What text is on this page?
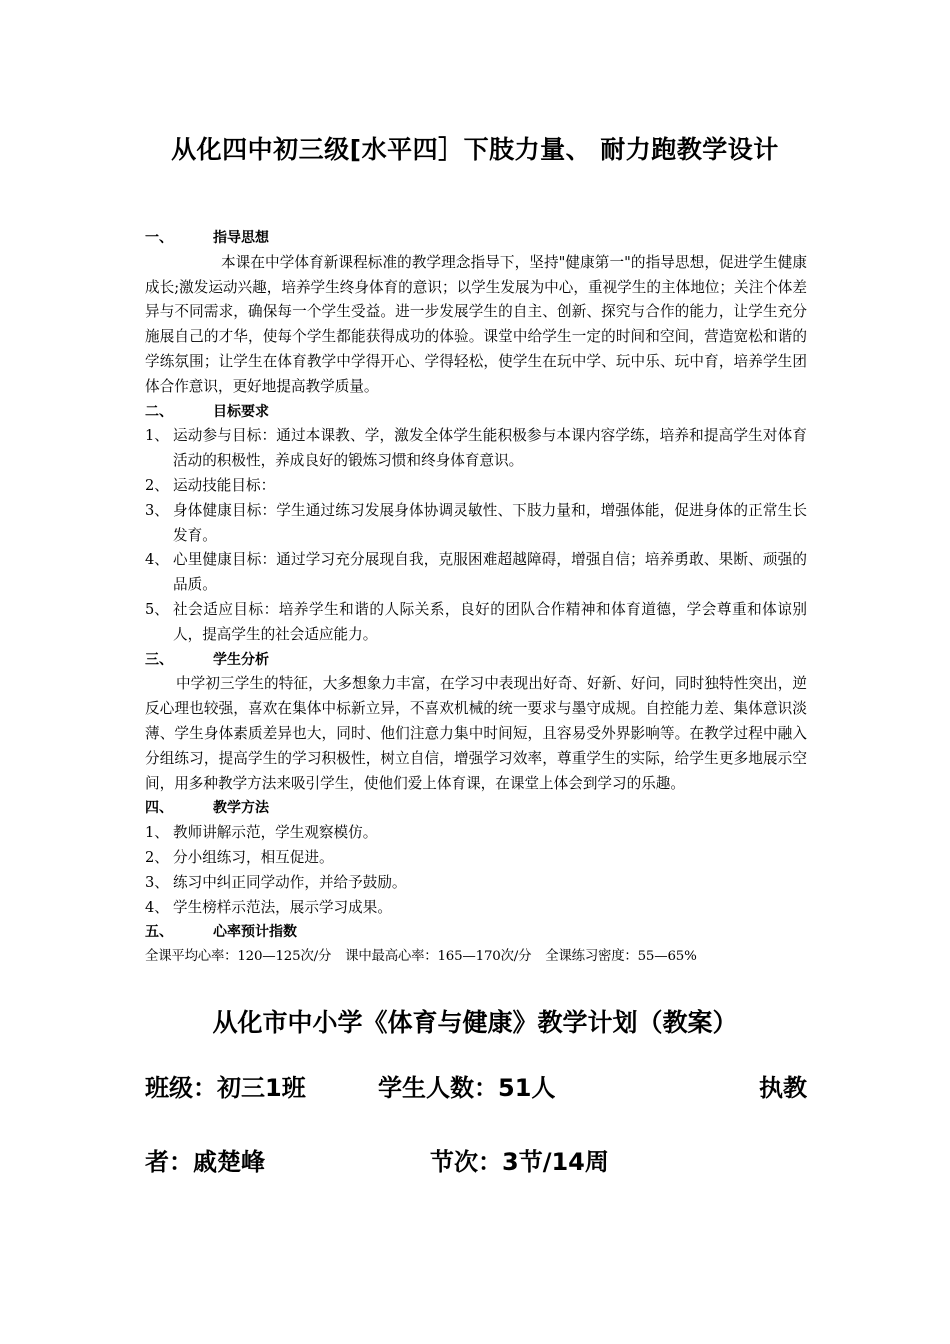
从化四中初三级[水平四］下肢力量、 耐力跑教学设计
一、	指导思想

本课在中学体育新课程标准的教学理念指导下，坚持"健康第一"的指导思想，促进学生健康成长;激发运动兴趣，培养学生终身体育的意识；以学生发展为中心，重视学生的主体地位；关注个体差异与不同需求，确保每一个学生受益。进一步发展学生的自主、创新、探究与合作的能力，让学生充分施展自己的才华，使每个学生都能获得成功的体验。课堂中给学生一定的时间和空间，营造宽松和谐的学练氛围；让学生在体育教学中学得开心、学得轻松，使学生在玩中学、玩中乐、玩中育，培养学生团体合作意识，更好地提高教学质量。

二、	目标要求
1、 运动参与目标：通过本课教、学，激发全体学生能积极参与本课内容学练，培养和提高学生对体育活动的积极性，养成良好的锻炼习惯和终身体育意识。
2、 运动技能目标：
3、 身体健康目标：学生通过练习发展身体协调灵敏性、下肢力量和，增强体能，促进身体的正常生长发育。
4、 心里健康目标：通过学习充分展现自我，克服困难超越障碍，增强自信；培养勇敢、果断、顽强的品质。
5、 社会适应目标：培养学生和谐的人际关系，良好的团队合作精神和体育道德，学会尊重和体谅别人，提高学生的社会适应能力。
三、	学生分析

中学初三学生的特征，大多想象力丰富，在学习中表现出好奇、好新、好问，同时独特性突出，逆反心理也较强，喜欢在集体中标新立异，不喜欢机械的统一要求与墨守成规。自控能力差、集体意识淡薄、学生身体素质差异也大，同时、他们注意力集中时间短，且容易受外界影响等。在教学过程中融入分组练习，提高学生的学习积极性，树立自信，增强学习效率，尊重学生的实际，给学生更多地展示空间，用多种教学方法来吸引学生，使他们爱上体育课，在课堂上体会到学习的乐趣。

四、	教学方法
1、 教师讲解示范，学生观察模仿。
2、 分小组练习，相互促进。
3、 练习中纠正同学动作，并给予鼓励。
4、 学生榜样示范法，展示学习成果。
五、	心率预计指数
全课平均心率：120—125次/分 课中最高心率：165—170次/分 全课练习密度：55—65%
从化市中小学《体育与健康》教学计划（教案）
班级：初三1班	学生人数：51人	执教
者：戚楚峰	节次：3节/14周
